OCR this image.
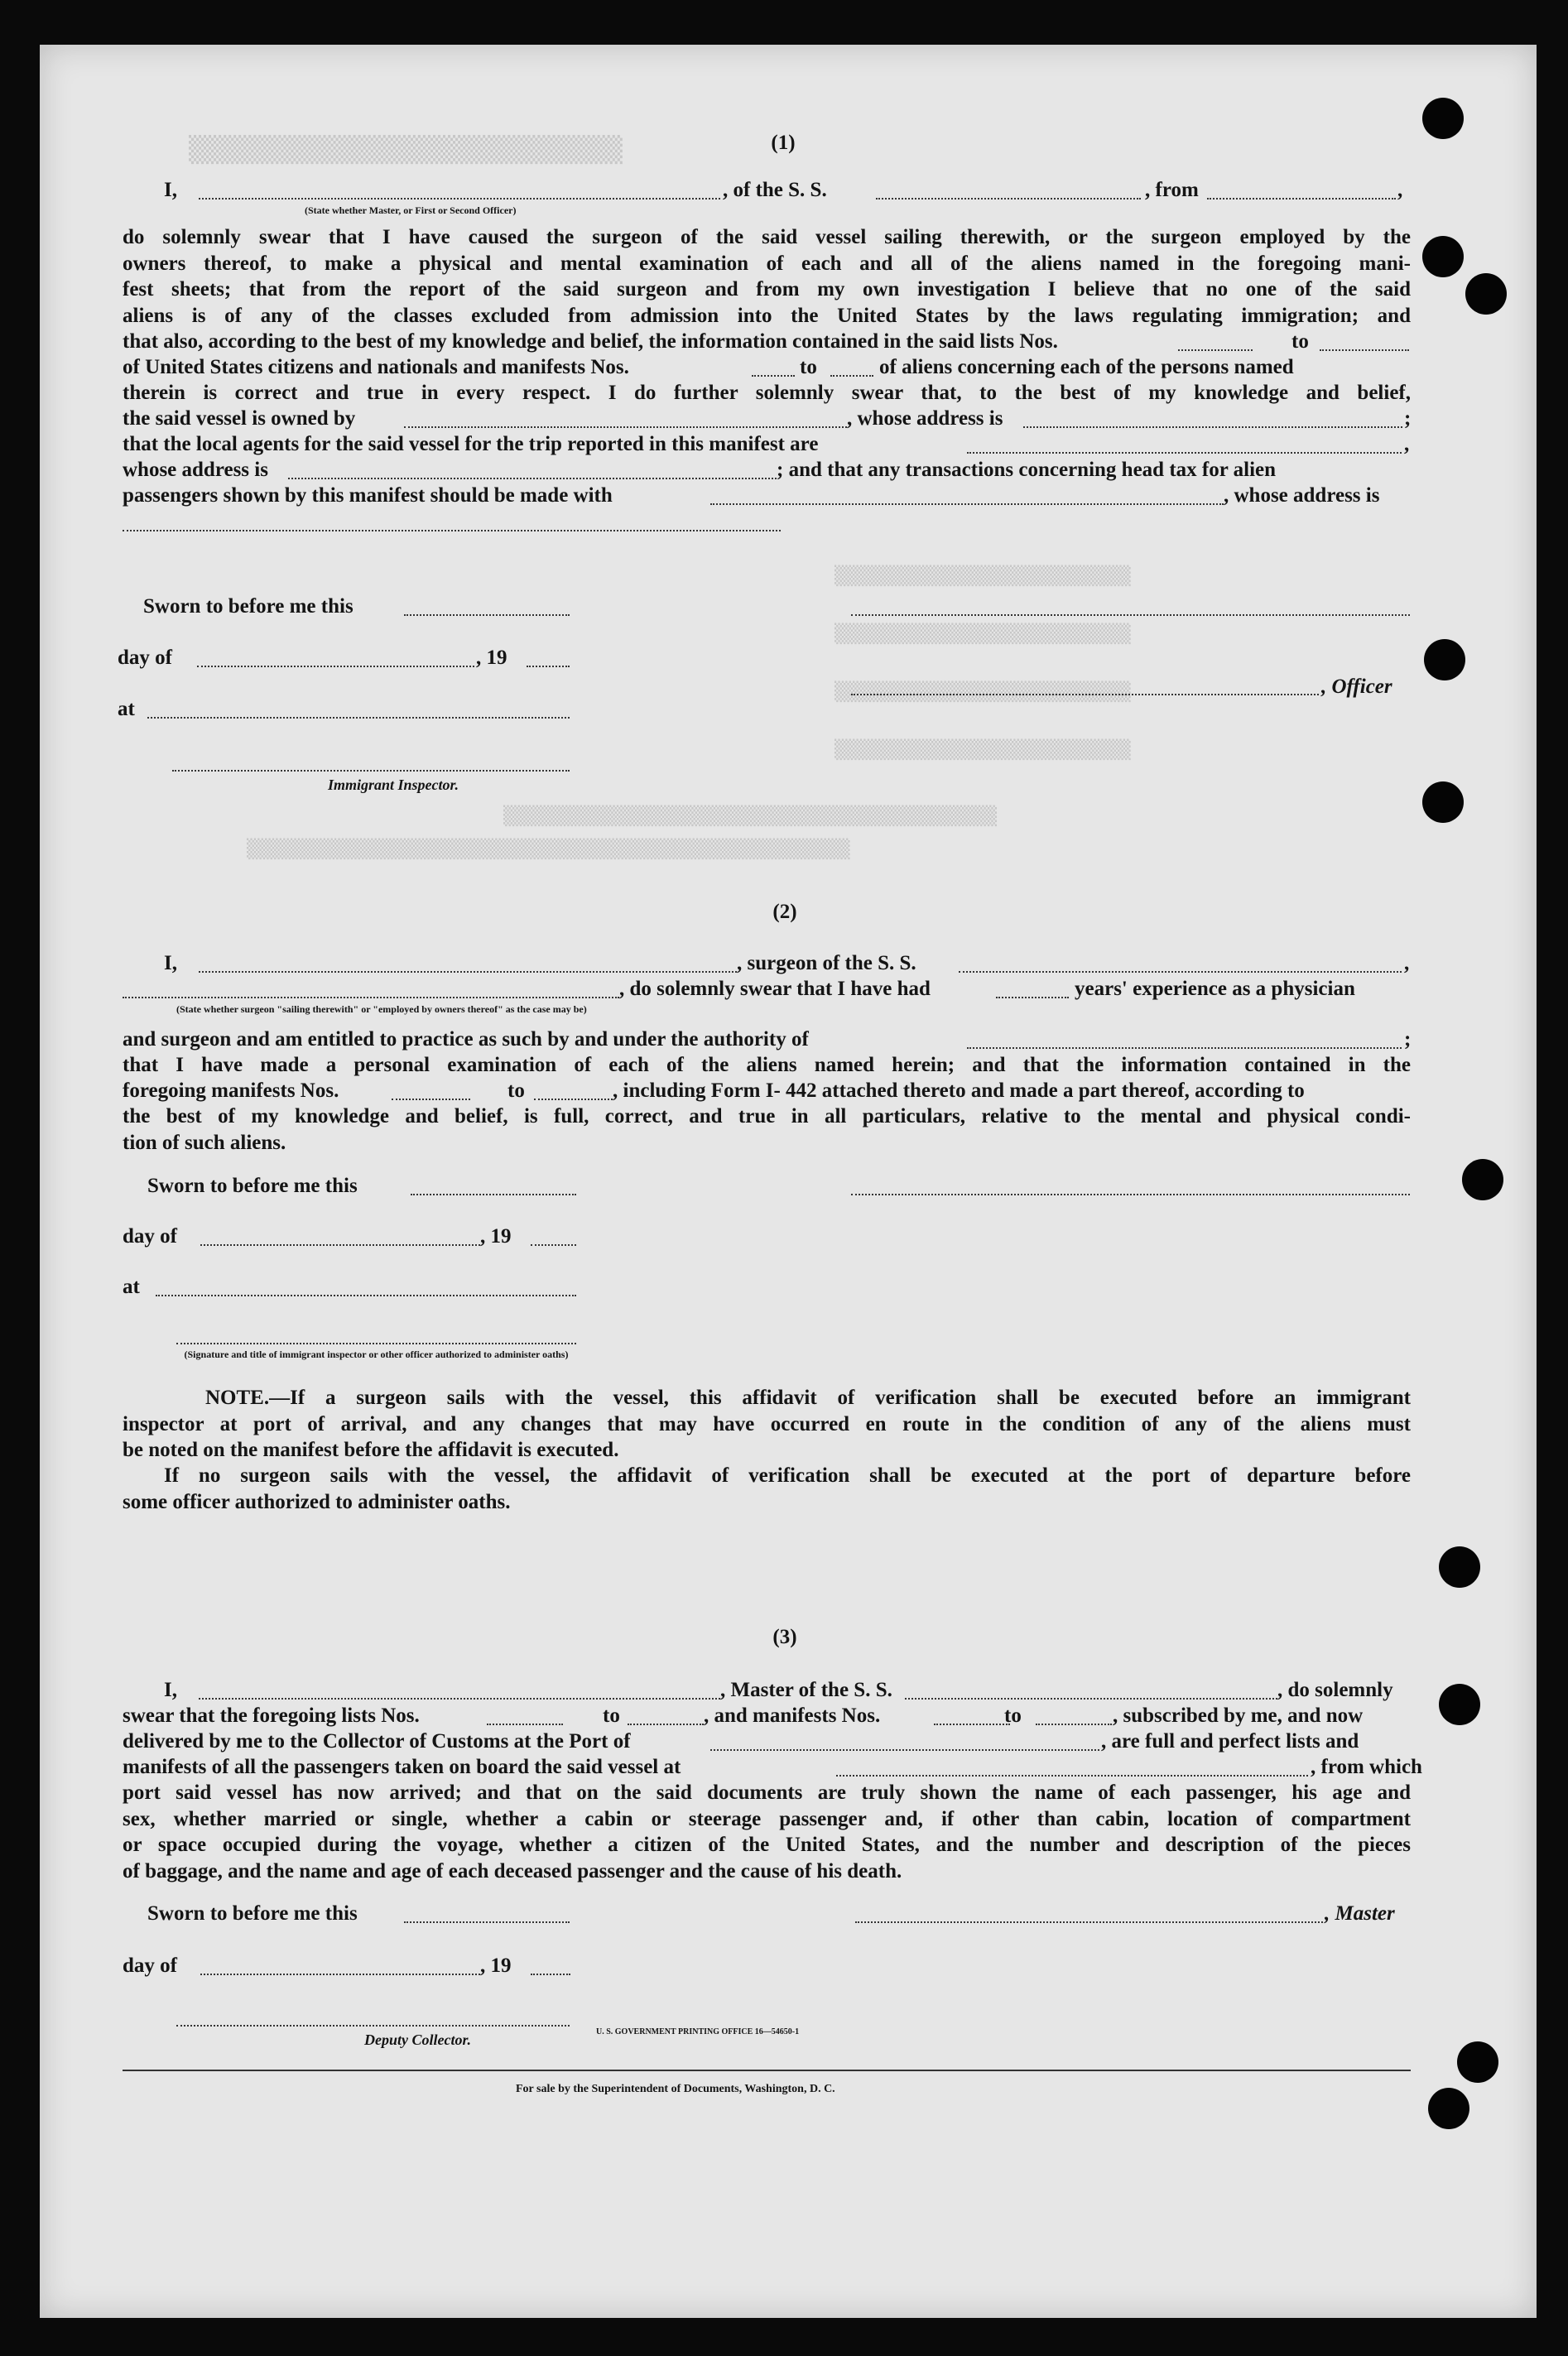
▒▒▒▒▒▒▒▒▒▒▒▒▒▒▒▒▒▒▒▒▒▒▒▒▒▒▒▒▒
▒▒▒▒▒▒▒▒▒▒▒▒▒▒▒▒▒▒▒▒▒▒▒▒▒▒▒
▒▒▒▒▒▒▒▒▒▒▒▒▒▒▒▒▒▒▒▒▒▒▒▒▒▒▒
▒▒▒▒▒▒▒▒▒▒▒▒▒▒▒▒▒▒▒▒▒▒▒▒▒▒▒
▒▒▒▒▒▒▒▒▒▒▒▒▒▒▒▒▒▒▒▒▒▒▒▒▒▒▒
▒▒▒▒▒▒▒▒▒▒▒▒▒▒▒▒▒▒▒▒▒▒▒▒▒▒▒▒▒▒▒▒▒▒▒▒▒▒▒▒▒▒▒▒▒
▒▒▒▒▒▒▒▒▒▒▒▒▒▒▒▒▒▒▒▒▒▒▒▒▒▒▒▒▒▒▒▒▒▒▒▒▒▒▒▒▒▒▒▒▒▒▒▒▒▒▒▒▒▒▒
(1)
I,	, of the S. S.	, from	,
(State whether Master, or First or Second Officer)
do solemnly swear that I have caused the surgeon of the said vessel sailing therewith, or the surgeon employed by the
owners thereof, to make a physical and mental examination of each and all of the aliens named in the foregoing mani-
fest sheets; that from the report of the said surgeon and from my own investigation I believe that no one of the said
aliens is of any of the classes excluded from admission into the United States by the laws regulating immigration; and
that also, according to the best of my knowledge and belief, the information contained in the said lists Nos.	to
of United States citizens and nationals and manifests Nos.	to	of aliens concerning each of the persons named
therein is correct and true in every respect. I do further solemnly swear that, to the best of my knowledge and belief,
the said vessel is owned by	, whose address is	;
that the local agents for the said vessel for the trip reported in this manifest are	,
whose address is	; and that any transactions concerning head tax for alien
passengers shown by this manifest should be made with	, whose address is
Sworn to before me this
day of	, 19
at
, Officer
Immigrant Inspector.
(2)
I,	, surgeon of the S. S.	,
, do solemnly swear that I have had	years' experience as a physician
(State whether surgeon "sailing therewith" or "employed by owners thereof" as the case may be)
and surgeon and am entitled to practice as such by and under the authority of	;
that I have made a personal examination of each of the aliens named herein; and that the information contained in the
foregoing manifests Nos.	to	, including Form I- 442 attached thereto and made a part thereof, according to
the best of my knowledge and belief, is full, correct, and true in all particulars, relative to the mental and physical condi-
tion of such aliens.
Sworn to before me this
day of	, 19
at
(Signature and title of immigrant inspector or other officer authorized to administer oaths)
NOTE.—If a surgeon sails with the vessel, this affidavit of verification shall be executed before an immigrant
inspector at port of arrival, and any changes that may have occurred en route in the condition of any of the aliens must
be noted on the manifest before the affidavit is executed.
If no surgeon sails with the vessel, the affidavit of verification shall be executed at the port of departure before
some officer authorized to administer oaths.
(3)
I,	, Master of the S. S.	, do solemnly
swear that the foregoing lists Nos.	to	, and manifests Nos.	to	, subscribed by me, and now
delivered by me to the Collector of Customs at the Port of	, are full and perfect lists and
manifests of all the passengers taken on board the said vessel at	, from which
port said vessel has now arrived; and that on the said documents are truly shown the name of each passenger, his age and
sex, whether married or single, whether a cabin or steerage passenger and, if other than cabin, location of compartment
or space occupied during the voyage, whether a citizen of the United States, and the number and description of the pieces
of baggage, and the name and age of each deceased passenger and the cause of his death.
Sworn to before me this	, Master
day of	, 19
Deputy Collector.	U. S. GOVERNMENT PRINTING OFFICE 16—54650-1
For sale by the Superintendent of Documents, Washington, D. C.
